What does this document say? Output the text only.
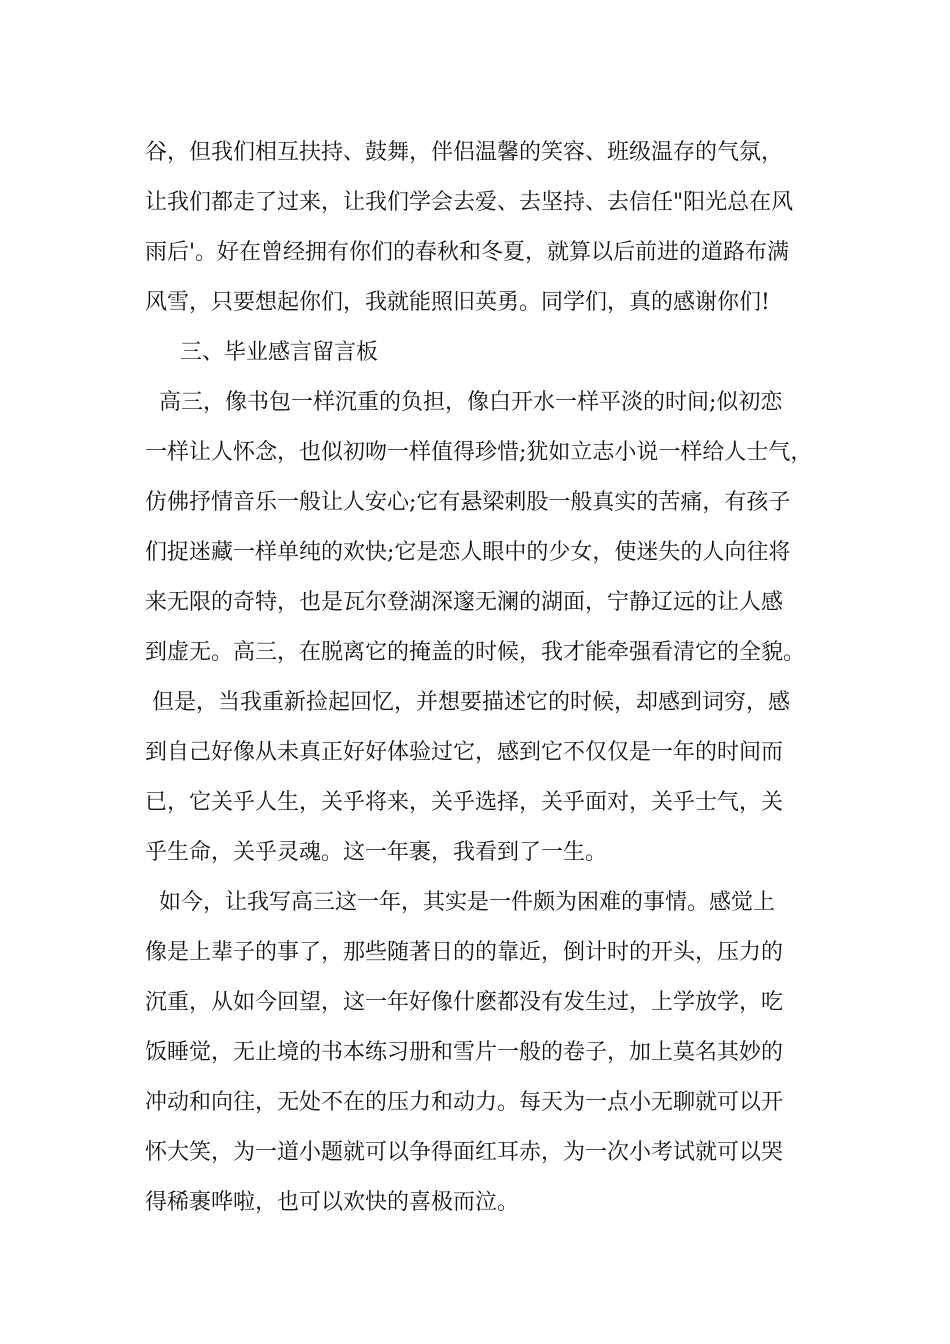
谷，但我们相互扶持、鼓舞，伴侣温馨的笑容、班级温存的气氛，
让我们都走了过来，让我们学会去爱、去坚持、去信任"阳光总在风
雨后'。好在曾经拥有你们的春秋和冬夏，就算以后前进的道路布满
风雪，只要想起你们，我就能照旧英勇。同学们，真的感谢你们!
三、毕业感言留言板
高三，像书包一样沉重的负担，像白开水一样平淡的时间;似初恋
一样让人怀念，也似初吻一样值得珍惜;犹如立志小说一样给人士气，
仿佛抒情音乐一般让人安心;它有悬梁刺股一般真实的苦痛，有孩子
们捉迷藏一样单纯的欢快;它是恋人眼中的少女，使迷失的人向往将
来无限的奇特，也是瓦尔登湖深邃无澜的湖面，宁静辽远的让人感
到虚无。高三，在脱离它的掩盖的时候，我才能牵强看清它的全貌。
但是，当我重新捡起回忆，并想要描述它的时候，却感到词穷，感
到自己好像从未真正好好体验过它，感到它不仅仅是一年的时间而
已，它关乎人生，关乎将来，关乎选择，关乎面对，关乎士气，关
乎生命，关乎灵魂。这一年裹，我看到了一生。
如今，让我写高三这一年，其实是一件颇为困难的事情。感觉上
像是上辈子的事了，那些随著日的的靠近，倒计时的开头，压力的
沉重，从如今回望，这一年好像什麽都没有发生过，上学放学，吃
饭睡觉，无止境的书本练习册和雪片一般的卷子，加上莫名其妙的
冲动和向往，无处不在的压力和动力。每天为一点小无聊就可以开
怀大笑，为一道小题就可以争得面红耳赤，为一次小考试就可以哭
得稀裹哗啦，也可以欢快的喜极而泣。
